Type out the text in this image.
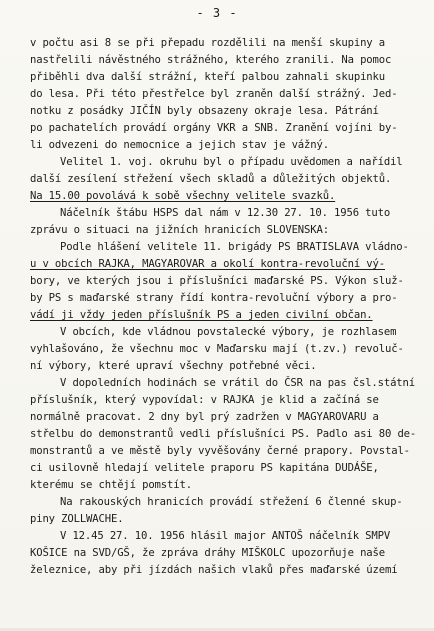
- 3 -
v počtu asi 8 se při přepadu rozdělili na menší skupiny a
nastřelili návěstného strážného, kterého zranili. Na pomoc
přiběhli dva další strážní, kteří palbou zahnali skupinku
do lesa. Při této přestřelce byl zraněn další strážný. Jed-
notku z posádky JIČÍN byly obsazeny okraje lesa. Pátrání
po pachatelích provádí orgány VKR a SNB. Zranění vojíni by-
li odvezeni do nemocnice a jejich stav je vážný.
Velitel 1. voj. okruhu byl o případu uvědomen a nařídil
další zesílení střežení všech skladů a důležitých objektů.
Na 15.00 povolává k sobě všechny velitele svazků.
Náčelník štábu HSPS dal nám v 12.30 27. 10. 1956 tuto
zprávu o situaci na jižních hranicích SLOVENSKA:
Podle hlášení velitele 11. brigády PS BRATISLAVA vládno-
u v obcích RAJKA, MAGYAROVAR a okolí kontra-revoluční vý-
bory, ve kterých jsou i příslušníci maďarské PS. Výkon služ-
by PS s maďarské strany řídí kontra-revoluční výbory a pro-
vádí ji vždy jeden příslušník PS a jeden civilní občan.
V obcích, kde vládnou povstalecké výbory, je rozhlasem
vyhlašováno, že všechnu moc v Maďarsku mají (t.zv.) revoluč-
ní výbory, které upraví všechny potřebné věci.
V dopoledních hodinách se vrátil do ČSR na pas čsl.státní
příslušník, který vypovídal: v RAJKA je klid a začíná se
normálně pracovat. 2 dny byl prý zadržen v MAGYAROVARU a
střelbu do demonstrantů vedli příslušníci PS. Padlo asi 80 de-
monstrantů a ve městě byly vyvěšovány černé prapory. Povstal-
ci usilovně hledají velitele praporu PS kapitána DUDÁŠE,
kterému se chtějí pomstít.
Na rakouských hranicích provádí střežení 6 členné skup-
piny ZOLLWACHE.
V 12.45 27. 10. 1956 hlásil major ANTOŠ náčelník SMPV
KOŠICE na SVD/GŠ, že zpráva dráhy MIŠKOLC upozorňuje naše
železnice, aby při jízdách našich vlaků přes maďarské území
